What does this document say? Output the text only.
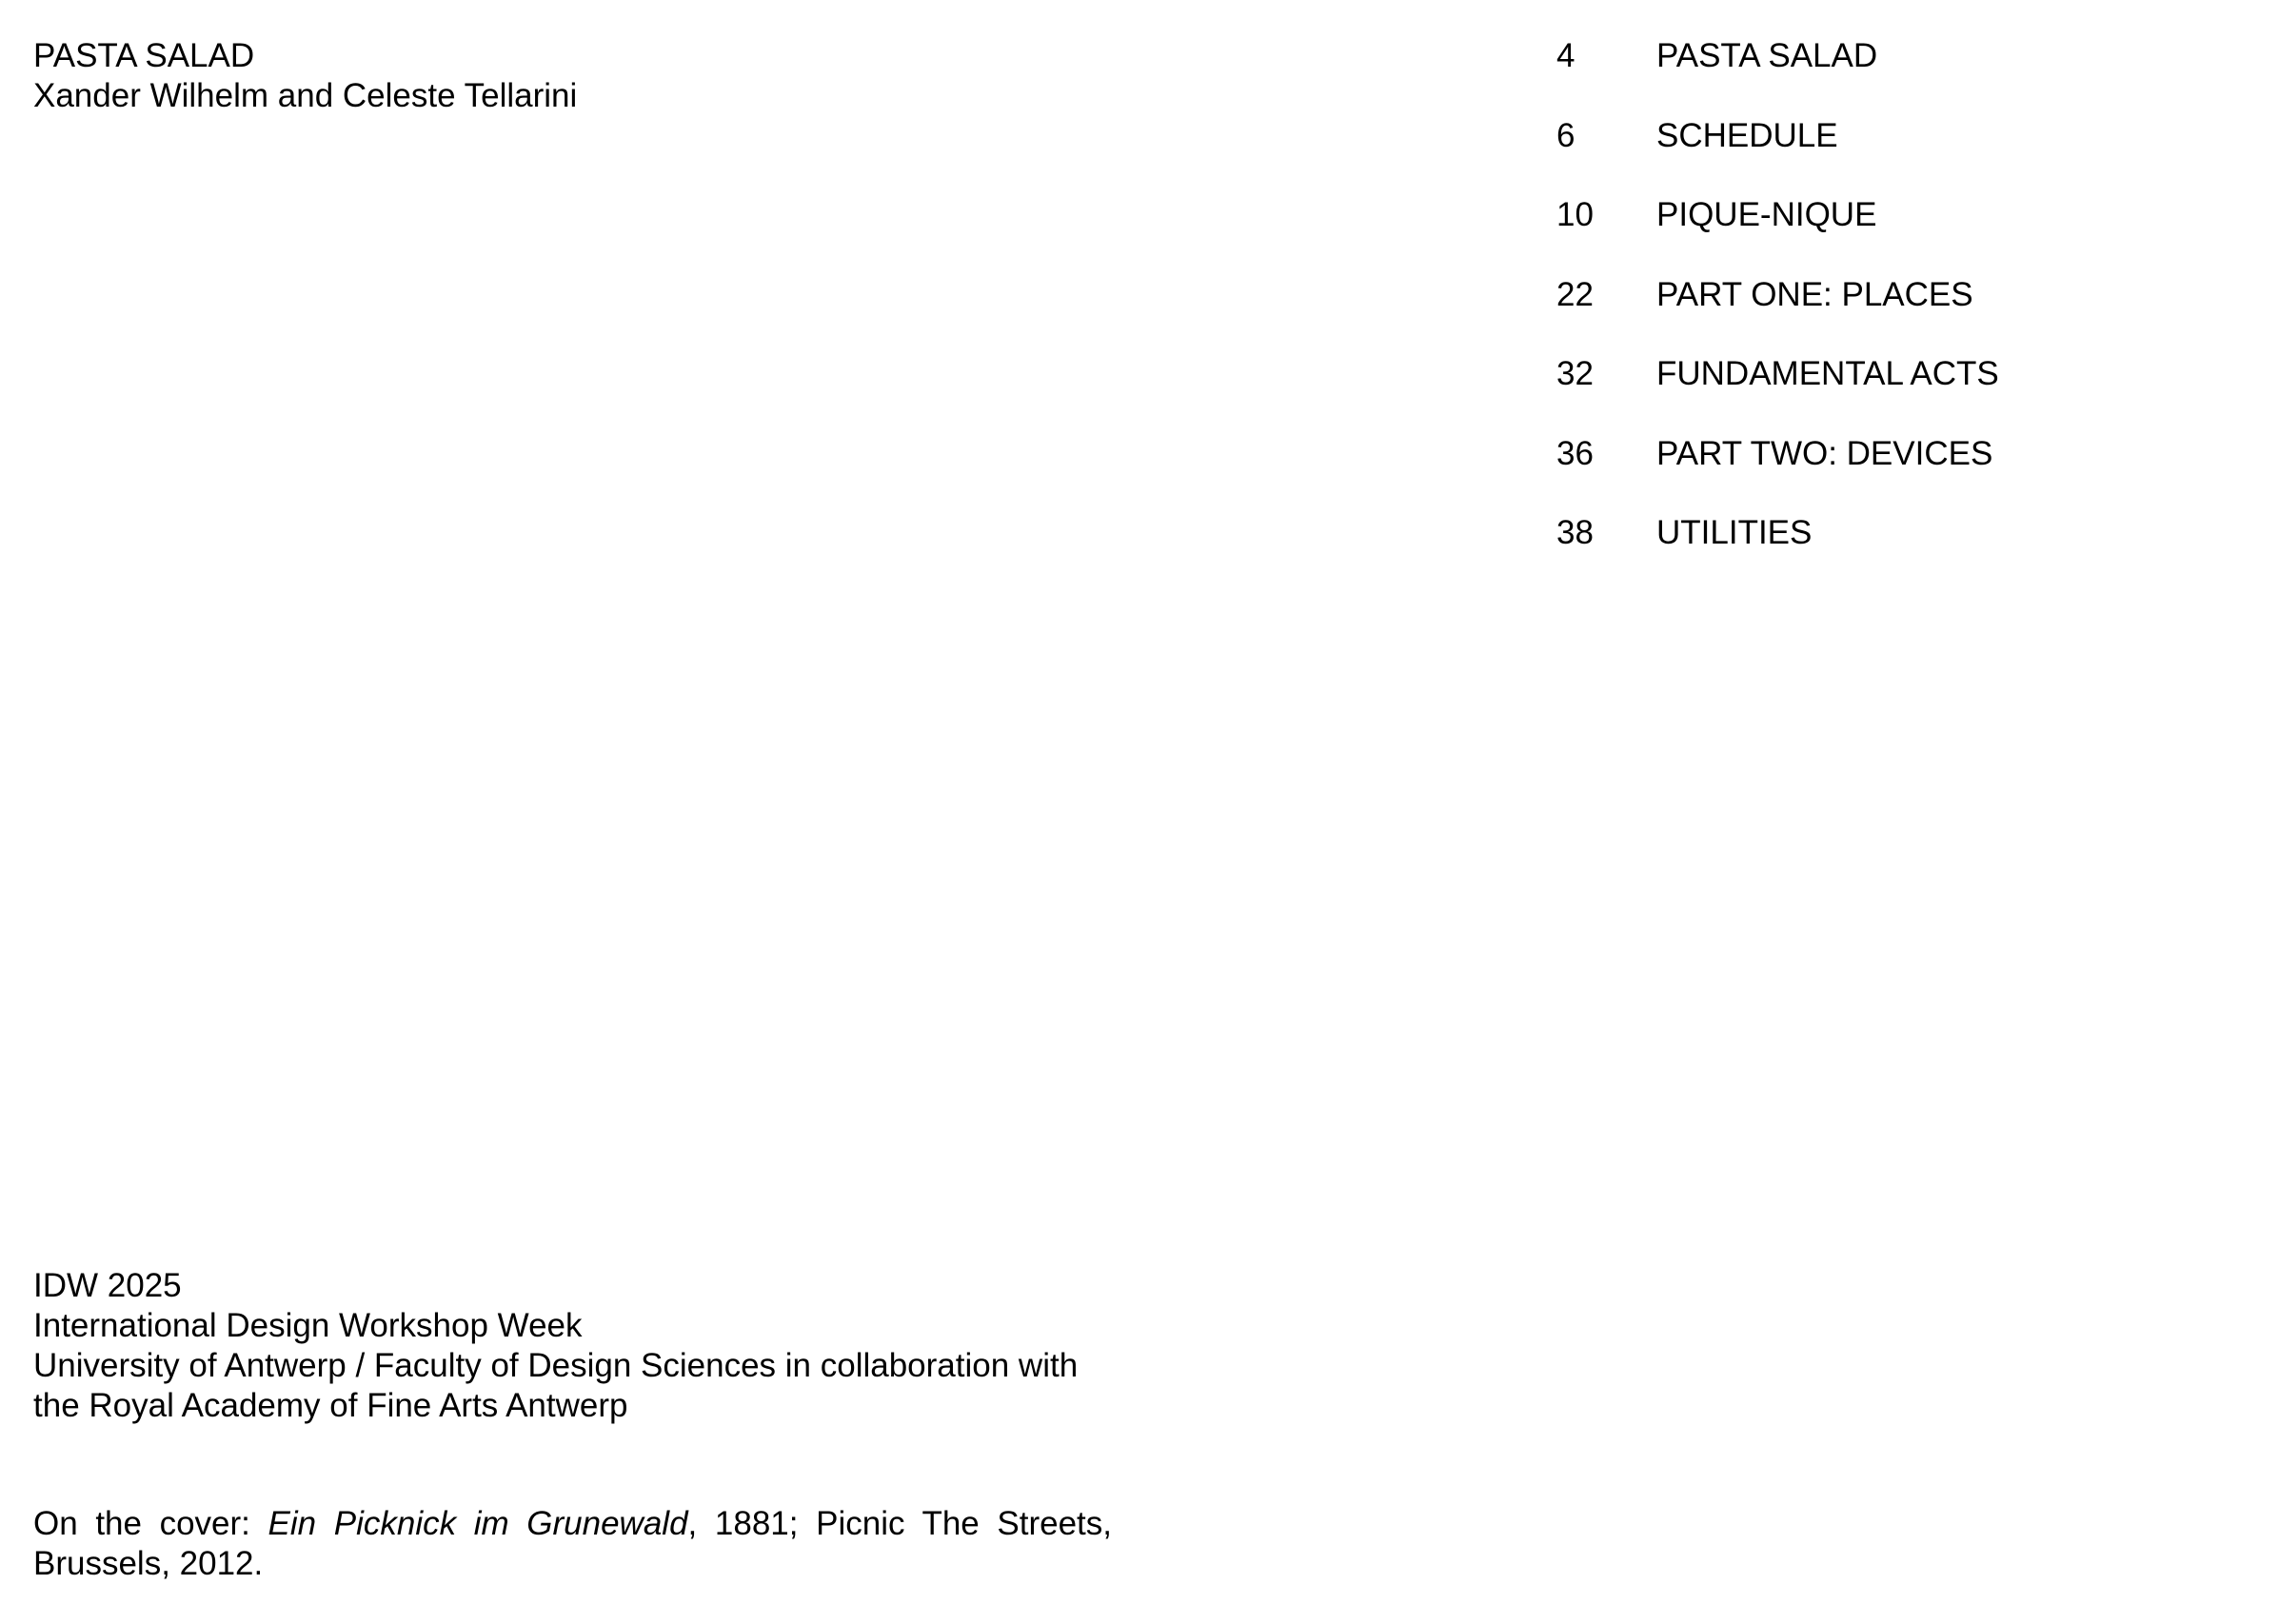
PASTA SALAD
Xander Wilhelm and Celeste Tellarini
4 PASTA SALAD
6 SCHEDULE
10 PIQUE-NIQUE
22 PART ONE: PLACES
32 FUNDAMENTAL ACTS
36 PART TWO: DEVICES
38 UTILITIES
IDW 2025
International Design Workshop Week
University of Antwerp / Faculty of Design Sciences in collaboration with
the Royal Academy of Fine Arts Antwerp
On the cover: Ein Picknick im Grunewald, 1881; Picnic The Streets,
Brussels, 2012.
